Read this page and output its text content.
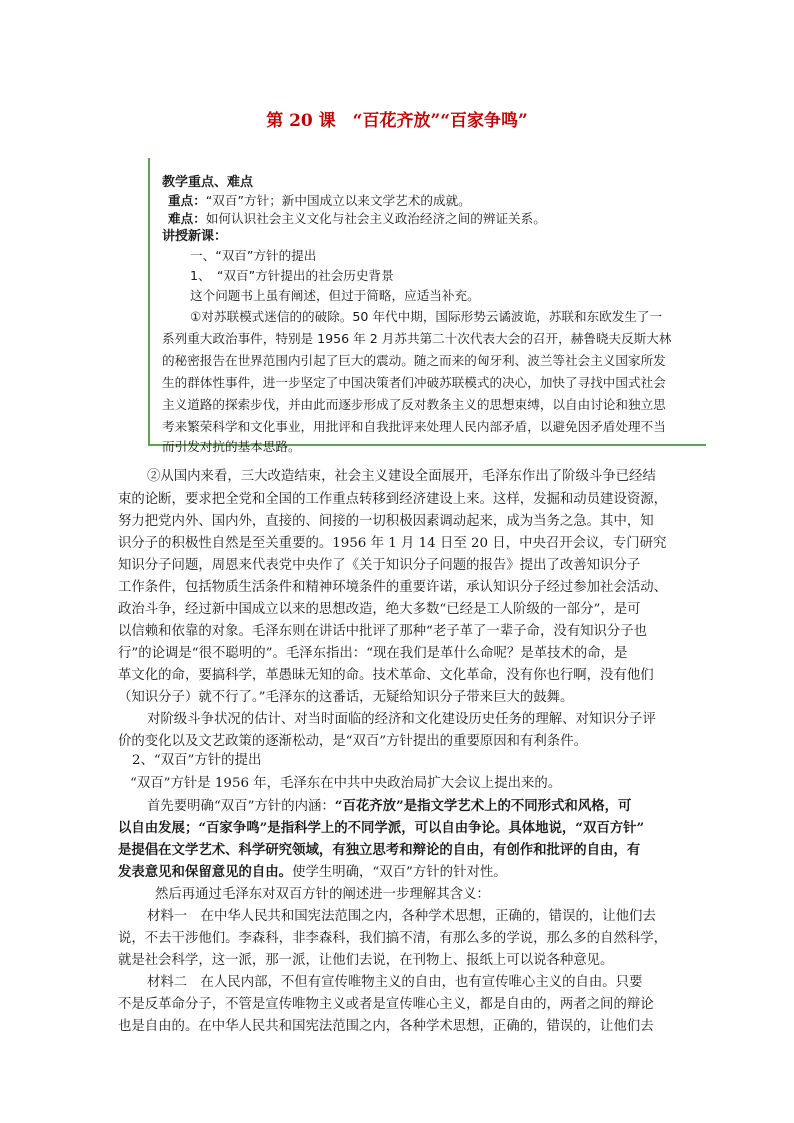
第 20 课　“百花齐放”“百家争鸣”
教学重点、难点
重点：“双百”方针；新中国成立以来文学艺术的成就。
难点：如何认识社会主义文化与社会主义政治经济之间的辨证关系。
讲授新课：
一、“双百”方针的提出
1、　“双百”方针提出的社会历史背景
这个问题书上虽有阐述，但过于简略，应适当补充。
①对苏联模式迷信的的破除。50 年代中期，国际形势云谲波诡，苏联和东欧发生了一
系列重大政治事件，特别是 1956 年 2 月苏共第二十次代表大会的召开，赫鲁晓夫反斯大林
的秘密报告在世界范围内引起了巨大的震动。随之而来的匈牙利、波兰等社会主义国家所发
生的群体性事件，进一步坚定了中国决策者们冲破苏联模式的决心，加快了寻找中国式社会
主义道路的探索步伐，并由此而逐步形成了反对教条主义的思想束缚，以自由讨论和独立思
考来繁荣科学和文化事业，用批评和自我批评来处理人民内部矛盾，以避免因矛盾处理不当
而引发对抗的基本思路。
②从国内来看，三大改造结束，社会主义建设全面展开，毛泽东作出了阶级斗争已经结
束的论断，要求把全党和全国的工作重点转移到经济建设上来。这样，发掘和动员建设资源，
努力把党内外、国内外，直接的、间接的一切积极因素调动起来，成为当务之急。其中，知
识分子的积极性自然是至关重要的。1956 年 1 月 14 日至 20 日，中央召开会议，专门研究
知识分子问题，周恩来代表党中央作了《关于知识分子问题的报告》提出了改善知识分子
工作条件，包括物质生活条件和精神环境条件的重要许诺，承认知识分子经过参加社会活动、
政治斗争，经过新中国成立以来的思想改造，绝大多数“已经是工人阶级的一部分”，是可
以信赖和依靠的对象。毛泽东则在讲话中批评了那种“老子革了一辈子命，没有知识分子也
行”的论调是“很不聪明的”。毛泽东指出：“现在我们是革什么命呢？是革技术的命，是
革文化的命，要搞科学，革愚昧无知的命。技术革命、文化革命，没有你也行啊，没有他们
（知识分子）就不行了。”毛泽东的这番话，无疑给知识分子带来巨大的鼓舞。
对阶级斗争状况的估计、对当时面临的经济和文化建设历史任务的理解、对知识分子评
价的变化以及文艺政策的逐渐松动，是“双百”方针提出的重要原因和有利条件。
2、“双百”方针的提出
“双百”方针是 1956 年，毛泽东在中共中央政治局扩大会议上提出来的。
首先要明确“双百”方针的内涵：“百花齐放”是指文学艺术上的不同形式和风格，可
以自由发展；“百家争鸣”是指科学上的不同学派，可以自由争论。具体地说，“双百方针”
是提倡在文学艺术、科学研究领域，有独立思考和辩论的自由，有创作和批评的自由，有
发表意见和保留意见的自由。使学生明确，“双百”方针的针对性。
然后再通过毛泽东对双百方针的阐述进一步理解其含义：
材料一　在中华人民共和国宪法范围之内，各种学术思想，正确的，错误的，让他们去
说，不去干涉他们。李森科，非李森科，我们搞不清，有那么多的学说，那么多的自然科学，
就是社会科学，这一派，那一派，让他们去说，在刊物上、报纸上可以说各种意见。
材料二　在人民内部，不但有宣传唯物主义的自由，也有宣传唯心主义的自由。只要
不是反革命分子，不管是宣传唯物主义或者是宣传唯心主义，都是自由的，两者之间的辩论
也是自由的。在中华人民共和国宪法范围之内，各种学术思想，正确的，错误的，让他们去
